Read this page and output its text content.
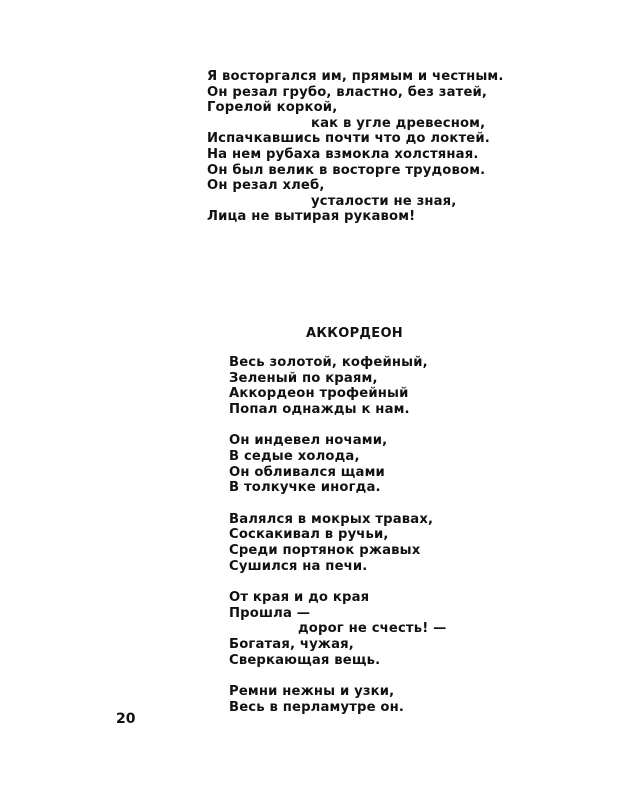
Я восторгался им, прямым и честным.
Он резал грубо, властно, без затей,
Горелой коркой,
как в угле древесном,
Испачкавшись почти что до локтей.
На нем рубаха взмокла холстяная.
Он был велик в восторге трудовом.
Он резал хлеб,
усталости не зная,
Лица не вытирая рукавом!
АККОРДЕОН
Весь золотой, кофейный,
Зеленый по краям,
Аккордеон трофейный
Попал однажды к нам.
Он индевел ночами,
В седые холода,
Он обливался щами
В толкучке иногда.
Валялся в мокрых травах,
Соскакивал в ручьи,
Среди портянок ржавых
Сушился на печи.
От края и до края
Прошла —
дорог не счесть! —
Богатая, чужая,
Сверкающая вещь.
Ремни нежны и узки,
Весь в перламутре он.
20
